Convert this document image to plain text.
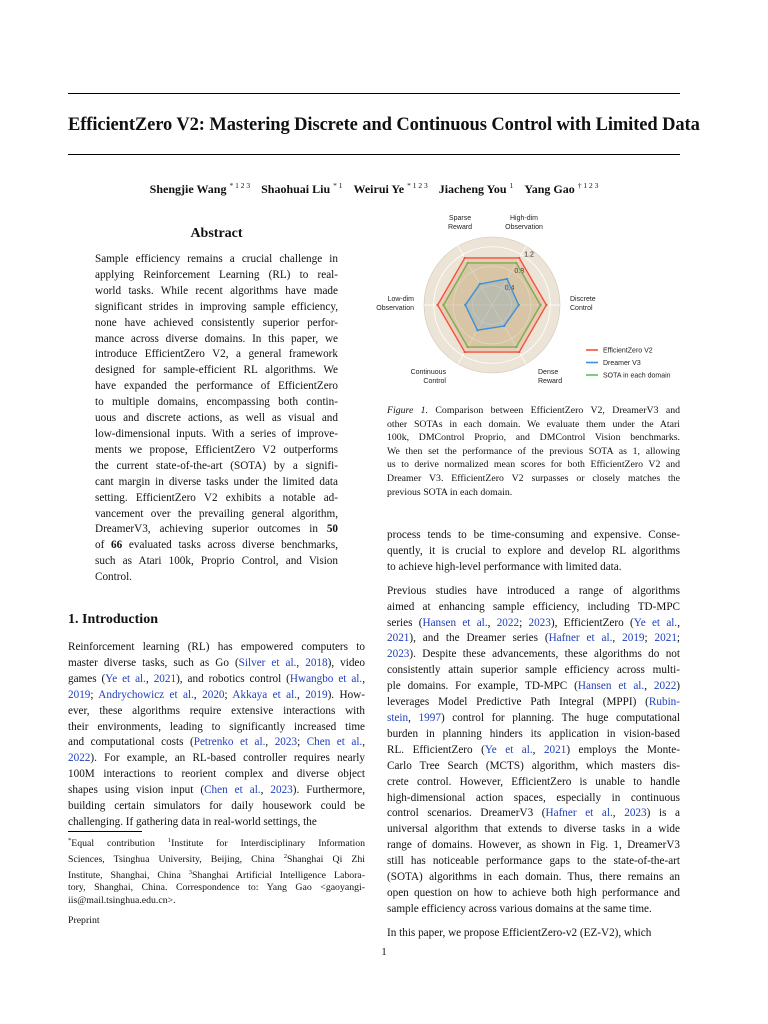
EfficientZero V2: Mastering Discrete and Continuous Control with Limited Data
Shengjie Wang $^{* 1 2 3}$ Shaohuai Liu $^{* 1}$ Weirui Ye $^{* 1 2 3}$ Jiacheng You $^1$ Yang Gao $^{\dagger 1 2 3}$
Abstract
Sample efficiency remains a crucial challenge in
applying Reinforcement Learning (RL) to real-
world tasks. While recent algorithms have made
significant strides in improving sample efficiency,
none have achieved consistently superior perfor-
mance across diverse domains. In this paper, we
introduce EfficientZero V2, a general framework
designed for sample-efficient RL algorithms. We
have expanded the performance of EfficientZero
to multiple domains, encompassing both contin-
uous and discrete actions, as well as visual and
low-dimensional inputs. With a series of improve-
ments we propose, EfficientZero V2 outperforms
the current state-of-the-art (SOTA) by a signifi-
cant margin in diverse tasks under the limited data
setting. EfficientZero V2 exhibits a notable ad-
vancement over the prevailing general algorithm,
DreamerV3, achieving superior outcomes in 50
of 66 evaluated tasks across diverse benchmarks,
such as Atari 100k, Proprio Control, and Vision
Control.
0.4
0.8
1.2
High-dim
Observation
Discrete
Control
Dense
Reward
Continuous
Control
Low-dim
Observation
Sparse
Reward
EfficientZero V2
Dreamer V3
SOTA in each domain
Figure 1. Comparison between EfficientZero V2, DreamerV3 and
other SOTAs in each domain. We evaluate them under the Atari
100k, DMControl Proprio, and DMControl Vision benchmarks.
We then set the performance of the previous SOTA as 1, allowing
us to derive normalized mean scores for both EfficientZero V2 and
Dreamer V3. EfficientZero V2 surpasses or closely matches the
previous SOTA in each domain.
1. Introduction
Reinforcement learning (RL) has empowered computers to
master diverse tasks, such as Go (Silver et al., 2018), video
games (Ye et al., 2021), and robotics control (Hwangbo et al.,
2019; Andrychowicz et al., 2020; Akkaya et al., 2019). How-
ever, these algorithms require extensive interactions with
their environments, leading to significantly increased time
and computational costs (Petrenko et al., 2023; Chen et al.,
2022). For example, an RL-based controller requires nearly
100M interactions to reorient complex and diverse object
shapes using vision input (Chen et al., 2023). Furthermore,
building certain simulators for daily housework could be
challenging. If gathering data in real-world settings, the
*Equal contribution $^1$Institute for Interdisciplinary Information
Sciences, Tsinghua University, Beijing, China $^2$Shanghai Qi Zhi
Institute, Shanghai, China $^3$Shanghai Artificial Intelligence Labora-
tory, Shanghai, China. Correspondence to: Yang Gao <gaoyangi-
iis@mail.tsinghua.edu.cn>.
Preprint
process tends to be time-consuming and expensive. Conse-
quently, it is crucial to explore and develop RL algorithms
to achieve high-level performance with limited data.
Previous studies have introduced a range of algorithms
aimed at enhancing sample efficiency, including TD-MPC
series (Hansen et al., 2022; 2023), EfficientZero (Ye et al.,
2021), and the Dreamer series (Hafner et al., 2019; 2021;
2023). Despite these advancements, these algorithms do not
consistently attain superior sample efficiency across multi-
ple domains. For example, TD-MPC (Hansen et al., 2022)
leverages Model Predictive Path Integral (MPPI) (Rubin-
stein, 1997) control for planning. The huge computational
burden in planning hinders its application in vision-based
RL. EfficientZero (Ye et al., 2021) employs the Monte-
Carlo Tree Search (MCTS) algorithm, which masters dis-
crete control. However, EfficientZero is unable to handle
high-dimensional action spaces, especially in continuous
control scenarios. DreamerV3 (Hafner et al., 2023) is a
universal algorithm that extends to diverse tasks in a wide
range of domains. However, as shown in Fig. 1, DreamerV3
still has noticeable performance gaps to the state-of-the-art
(SOTA) algorithms in each domain. Thus, there remains an
open question on how to achieve both high performance and
sample efficiency across various domains at the same time.
In this paper, we propose EfficientZero-v2 (EZ-V2), which
1
